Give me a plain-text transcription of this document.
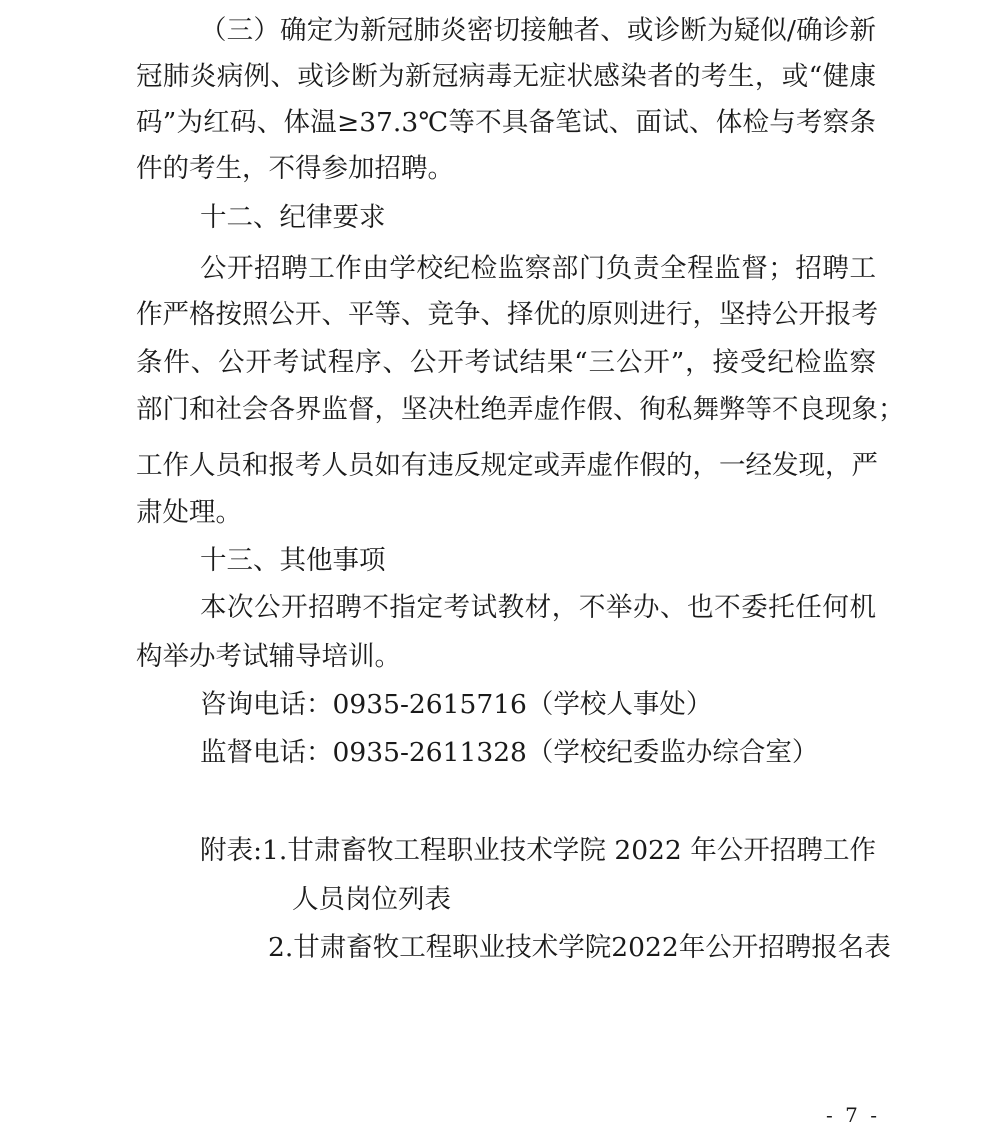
（三）确定为新冠肺炎密切接触者、或诊断为疑似/确诊新
冠肺炎病例、或诊断为新冠病毒无症状感染者的考生，或“健康
码”为红码、体温≥37.3℃等不具备笔试、面试、体检与考察条
件的考生，不得参加招聘。
十二、纪律要求
公开招聘工作由学校纪检监察部门负责全程监督；招聘工
作严格按照公开、平等、竞争、择优的原则进行，坚持公开报考
条件、公开考试程序、公开考试结果“三公开”，接受纪检监察
部门和社会各界监督，坚决杜绝弄虚作假、徇私舞弊等不良现象；
工作人员和报考人员如有违反规定或弄虚作假的，一经发现，严
肃处理。
十三、其他事项
本次公开招聘不指定考试教材，不举办、也不委托任何机
构举办考试辅导培训。
咨询电话：0935-2615716（学校人事处）
监督电话：0935-2611328（学校纪委监办综合室）
附表:1.甘肃畜牧工程职业技术学院 2022 年公开招聘工作
人员岗位列表
2.甘肃畜牧工程职业技术学院2022年公开招聘报名表
- 7 -
